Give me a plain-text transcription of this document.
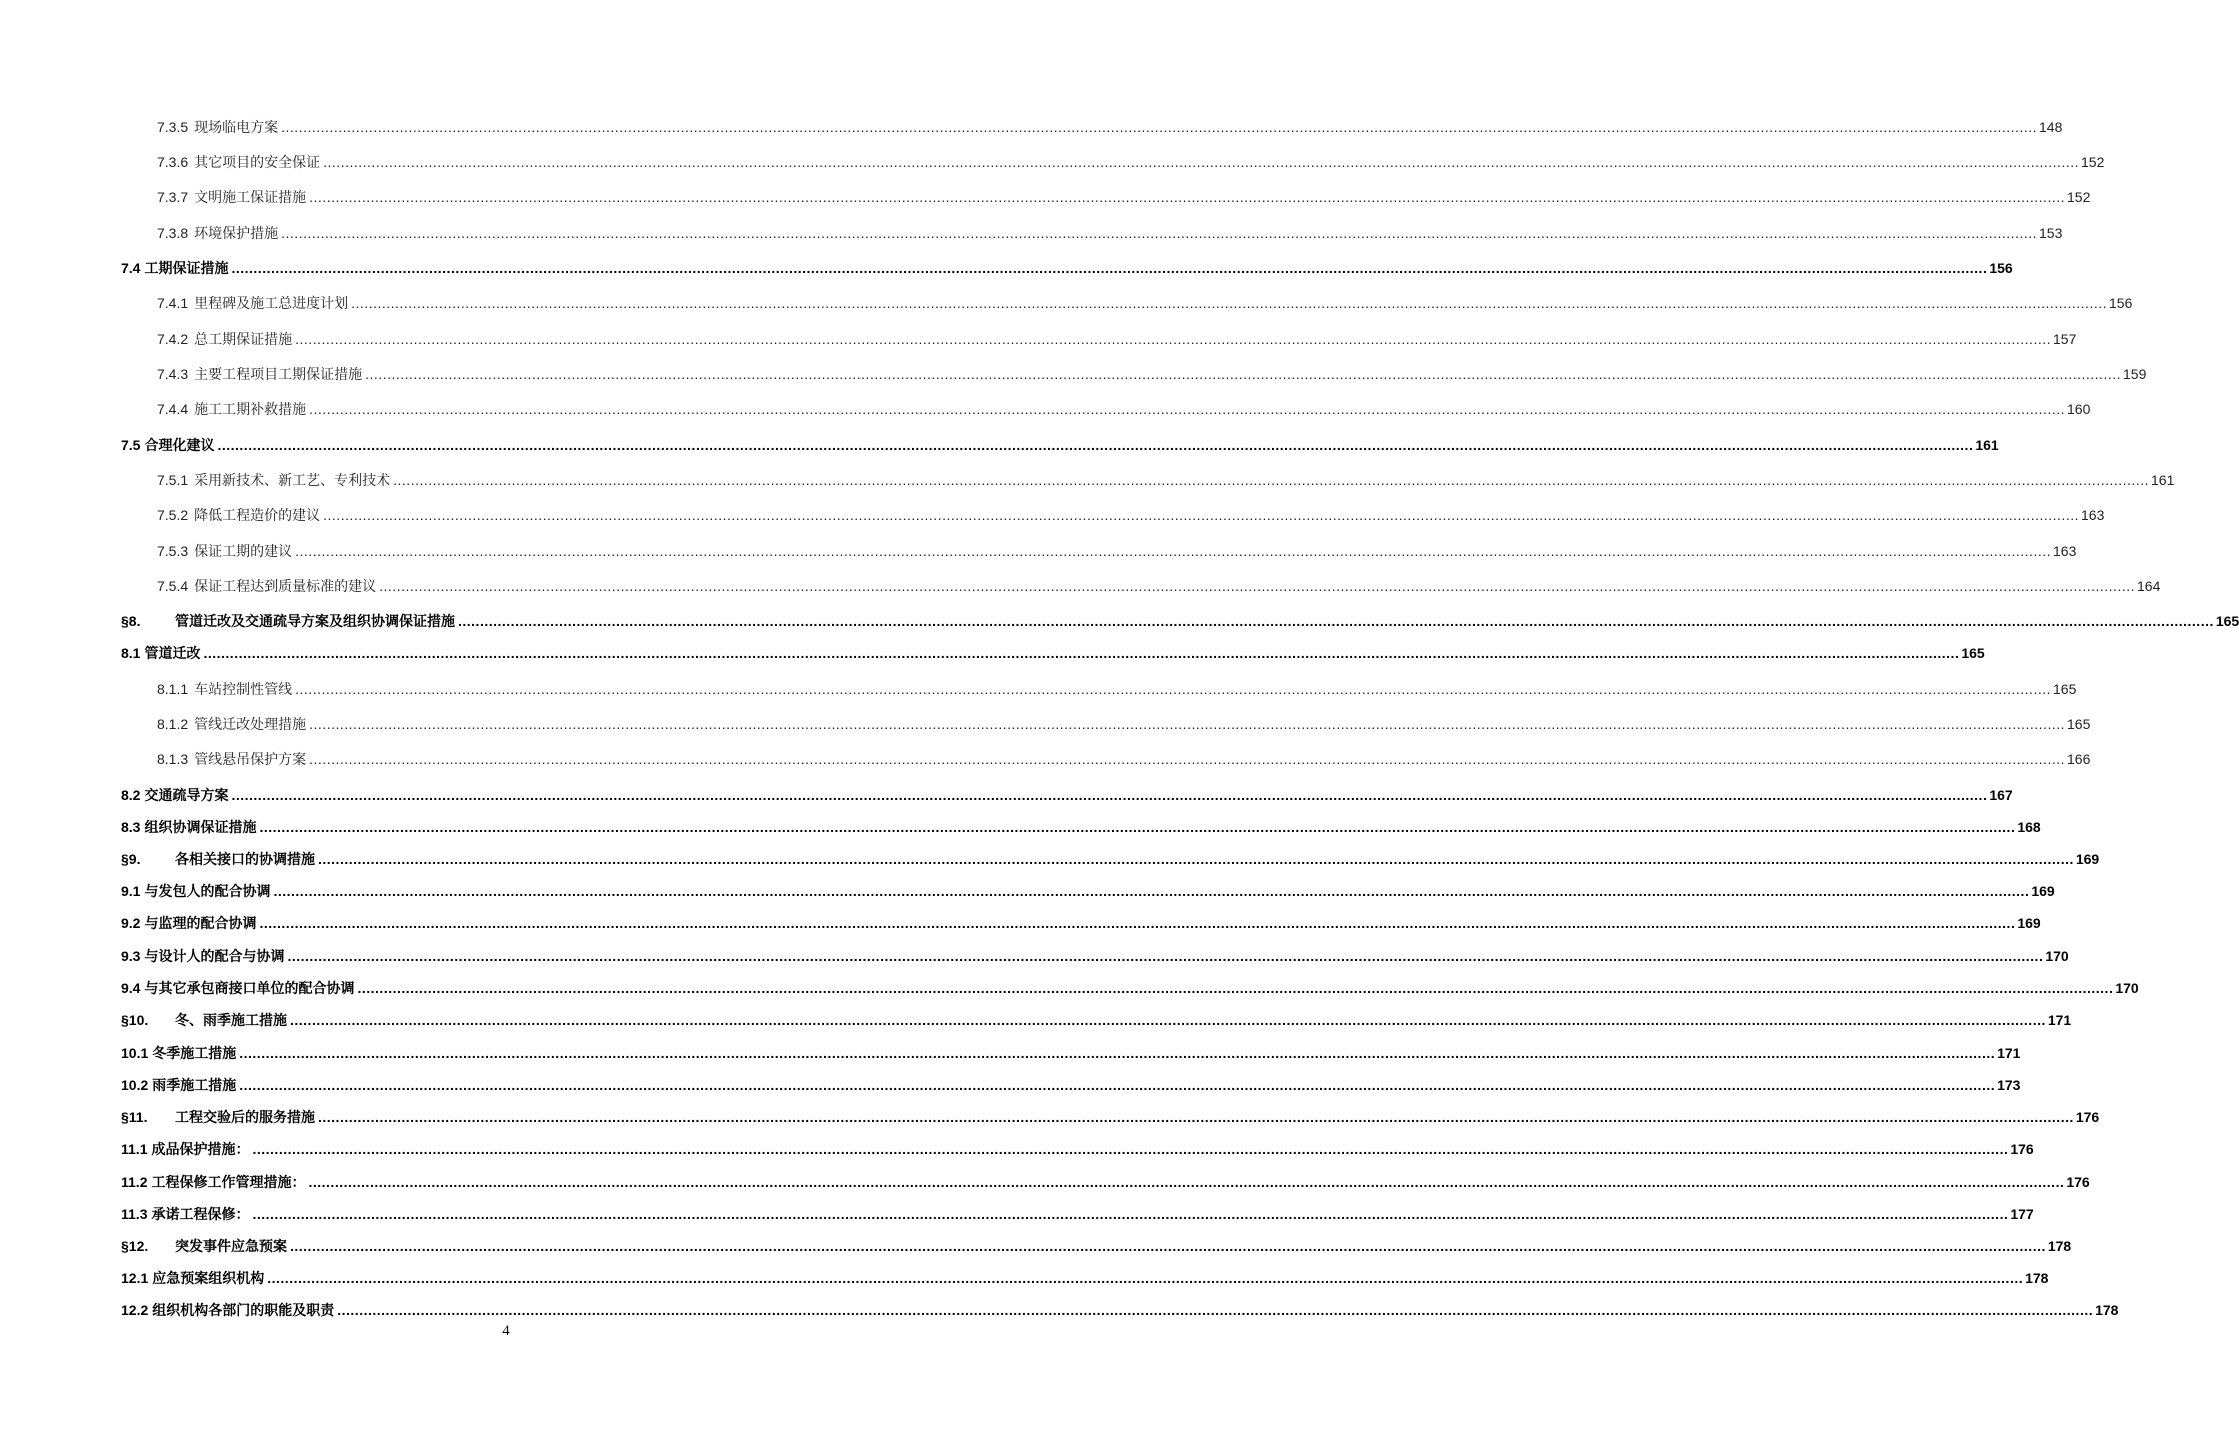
7.3.5 现场临电方案 ................................................................................................................................................................................................................................................................................................................................................................................................................ 148
7.3.6 其它项目的安全保证 ................................................................................................................................................................................................................................................................................................................................................................................................................ 152
7.3.7 文明施工保证措施 ................................................................................................................................................................................................................................................................................................................................................................................................................ 152
7.3.8 环境保护措施 ................................................................................................................................................................................................................................................................................................................................................................................................................ 153
7.4 工期保证措施 ................................................................................................................................................................................................................................................................................................................................................................................................................ 156
7.4.1 里程碑及施工总进度计划 ................................................................................................................................................................................................................................................................................................................................................................................................................ 156
7.4.2 总工期保证措施 ................................................................................................................................................................................................................................................................................................................................................................................................................ 157
7.4.3 主要工程项目工期保证措施 ................................................................................................................................................................................................................................................................................................................................................................................................................ 159
7.4.4 施工工期补救措施 ................................................................................................................................................................................................................................................................................................................................................................................................................ 160
7.5 合理化建议 ................................................................................................................................................................................................................................................................................................................................................................................................................ 161
7.5.1 采用新技术、新工艺、专利技术 ................................................................................................................................................................................................................................................................................................................................................................................................................ 161
7.5.2 降低工程造价的建议 ................................................................................................................................................................................................................................................................................................................................................................................................................ 163
7.5.3 保证工期的建议 ................................................................................................................................................................................................................................................................................................................................................................................................................ 163
7.5.4 保证工程达到质量标准的建议 ................................................................................................................................................................................................................................................................................................................................................................................................................ 164
§8. 管道迁改及交通疏导方案及组织协调保证措施 ................................................................................................................................................................................................................................................................................................................................................................................................................ 165
8.1 管道迁改 ................................................................................................................................................................................................................................................................................................................................................................................................................ 165
8.1.1 车站控制性管线 ................................................................................................................................................................................................................................................................................................................................................................................................................ 165
8.1.2 管线迁改处理措施 ................................................................................................................................................................................................................................................................................................................................................................................................................ 165
8.1.3 管线悬吊保护方案 ................................................................................................................................................................................................................................................................................................................................................................................................................ 166
8.2 交通疏导方案 ................................................................................................................................................................................................................................................................................................................................................................................................................ 167
8.3 组织协调保证措施 ................................................................................................................................................................................................................................................................................................................................................................................................................ 168
§9. 各相关接口的协调措施 ................................................................................................................................................................................................................................................................................................................................................................................................................ 169
9.1 与发包人的配合协调 ................................................................................................................................................................................................................................................................................................................................................................................................................ 169
9.2 与监理的配合协调 ................................................................................................................................................................................................................................................................................................................................................................................................................ 169
9.3 与设计人的配合与协调 ................................................................................................................................................................................................................................................................................................................................................................................................................ 170
9.4 与其它承包商接口单位的配合协调 ................................................................................................................................................................................................................................................................................................................................................................................................................ 170
§10. 冬、雨季施工措施 ................................................................................................................................................................................................................................................................................................................................................................................................................ 171
10.1 冬季施工措施 ................................................................................................................................................................................................................................................................................................................................................................................................................ 171
10.2 雨季施工措施 ................................................................................................................................................................................................................................................................................................................................................................................................................ 173
§11. 工程交验后的服务措施 ................................................................................................................................................................................................................................................................................................................................................................................................................ 176
11.1 成品保护措施： ................................................................................................................................................................................................................................................................................................................................................................................................................ 176
11.2 工程保修工作管理措施： ................................................................................................................................................................................................................................................................................................................................................................................................................ 176
11.3 承诺工程保修： ................................................................................................................................................................................................................................................................................................................................................................................................................ 177
§12. 突发事件应急预案 ................................................................................................................................................................................................................................................................................................................................................................................................................ 178
12.1 应急预案组织机构 ................................................................................................................................................................................................................................................................................................................................................................................................................ 178
12.2 组织机构各部门的职能及职责 ................................................................................................................................................................................................................................................................................................................................................................................................................ 178
4
